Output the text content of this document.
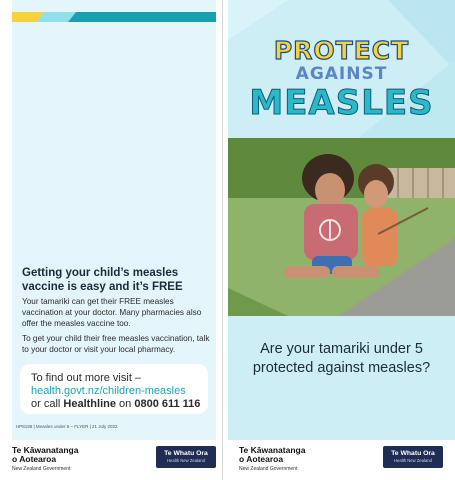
Getting your child’s measles vaccine is easy and it’s FREE
Your tamariki can get their FREE measles vaccination at your doctor. Many pharmacies also offer the measles vaccine too.
To get your child their free measles vaccination, talk to your doctor or visit your local pharmacy.
To find out more visit –
health.govt.nz/children-measles
or call Healthline on 0800 611 116
HP8198 | Measles under 5 – FLYER | 21 July 2022
PROTECT
AGAINST
MEASLES
Are your tamariki under 5 protected against measles?
Te Kāwanatanga
o Aotearoa
New Zealand Government
Te Whatu Ora
Health New Zealand
Te Kāwanatanga
o Aotearoa
New Zealand Government
Te Whatu Ora
Health New Zealand
